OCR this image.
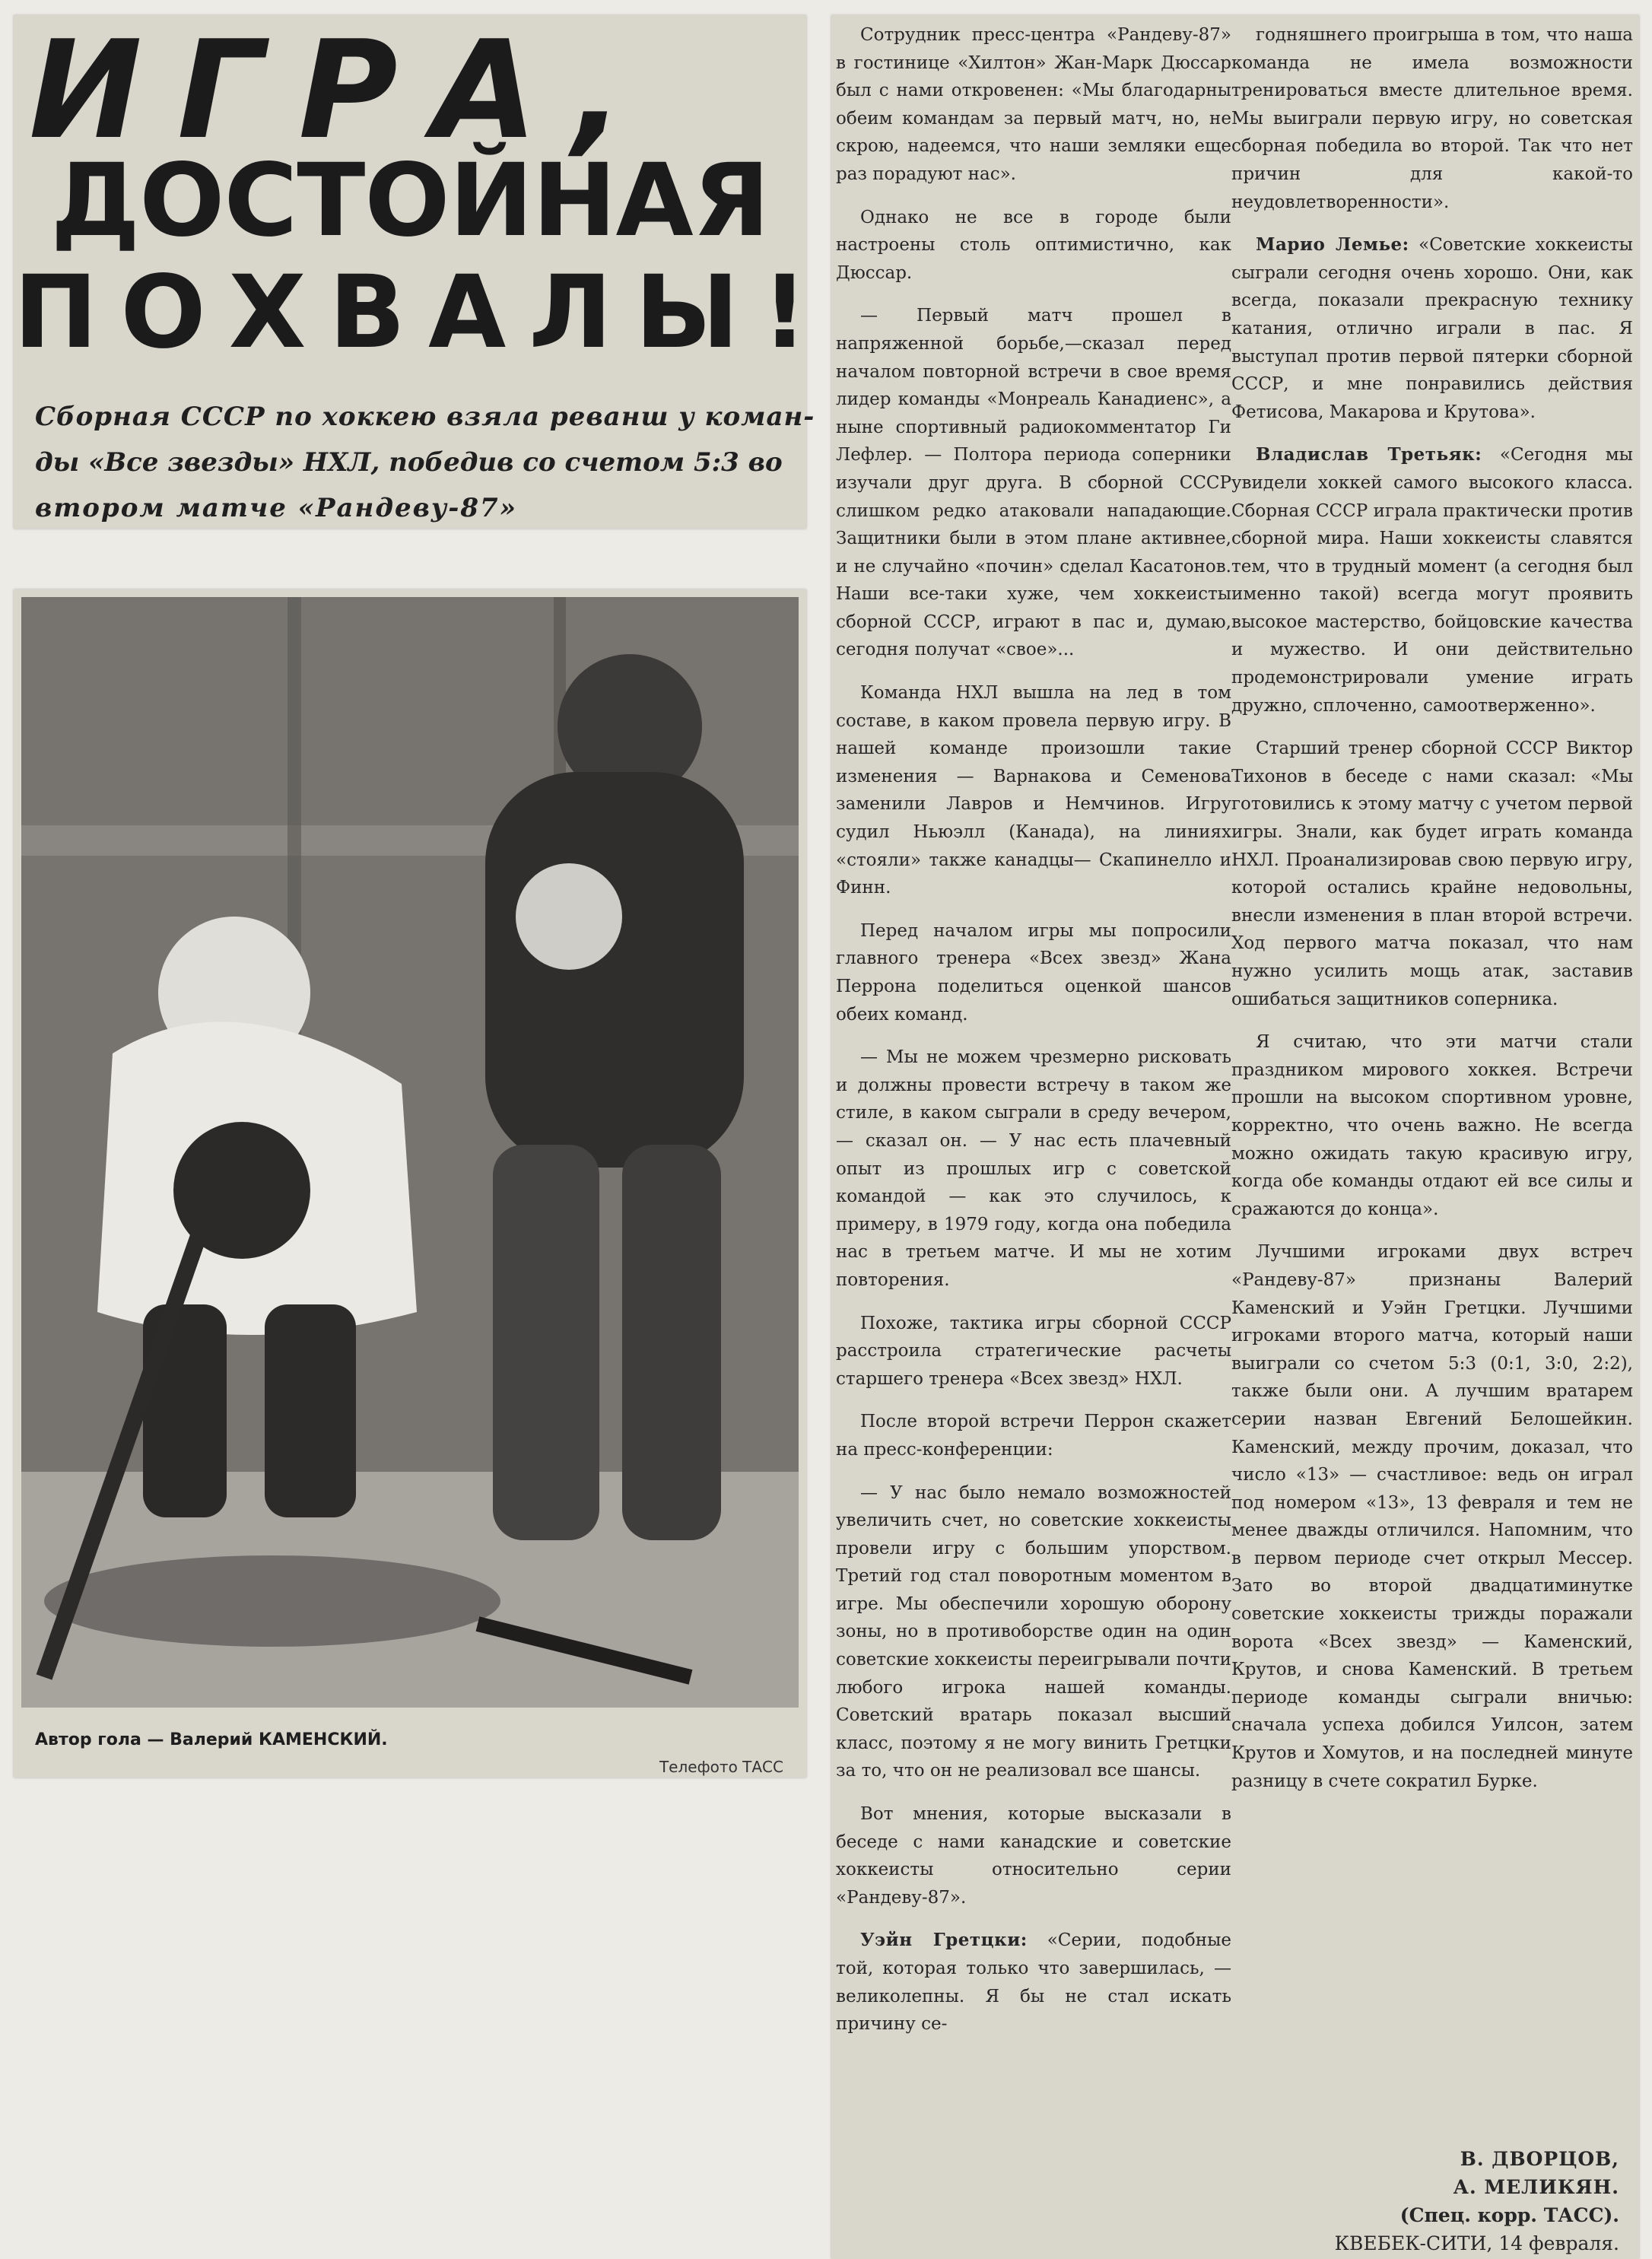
ИГРА,
ДОСТОЙНАЯ
ПОХВАЛЫ!
Сборная СССР по хоккею взяла реванш у коман-
ды «Все звезды» НХЛ, победив со счетом 5:3 во
втором матче «Рандеву-87»
Автор гола — Валерий КАМЕНСКИЙ.
Телефото ТАСС

Сотрудник пресс-центра «Рандеву-87» в гостинице «Хилтон» Жан-Марк Дюссар был с нами откровенен: «Мы благодарны обеим командам за первый матч, но, не скрою, надеемся, что наши земляки еще раз порадуют нас».

Однако не все в городе были настроены столь оптимистично, как Дюссар.

— Первый матч прошел в напряженной борьбе,—сказал перед началом повторной встречи в свое время лидер команды «Монреаль Канадиенс», а ныне спортивный радиокомментатор Ги Лефлер. — Полтора периода соперники изучали друг друга. В сборной СССР слишком редко атаковали нападающие. Защитники были в этом плане активнее, и не случайно «почин» сделал Касатонов. Наши все-таки хуже, чем хоккеисты сборной СССР, играют в пас и, думаю, сегодня получат «свое»...

Команда НХЛ вышла на лед в том составе, в каком провела первую игру. В нашей команде произошли такие изменения — Варнакова и Семенова заменили Лавров и Немчинов. Игру судил Ньюэлл (Канада), на линиях «стояли» также канадцы— Скапинелло и Финн.

Перед началом игры мы попросили главного тренера «Всех звезд» Жана Перрона поделиться оценкой шансов обеих команд.

— Мы не можем чрезмерно рисковать и должны провести встречу в таком же стиле, в каком сыграли в среду вечером, — сказал он. — У нас есть плачевный опыт из прошлых игр с советской командой — как это случилось, к примеру, в 1979 году, когда она победила нас в третьем матче. И мы не хотим повторения.

Похоже, тактика игры сборной СССР расстроила стратегические расчеты старшего тренера «Всех звезд» НХЛ.

После второй встречи Перрон скажет на пресс-конференции:

— У нас было немало возможностей увеличить счет, но советские хоккеисты провели игру с большим упорством. Третий год стал поворотным моментом в игре. Мы обеспечили хорошую оборону зоны, но в противоборстве один на один советские хоккеисты переигрывали почти любого игрока нашей команды. Советский вратарь показал высший класс, поэтому я не могу винить Гретцки за то, что он не реализовал все шансы.

Вот мнения, которые высказали в беседе с нами канадские и советские хоккеисты относительно серии «Рандеву-87».

Уэйн Гретцки: «Серии, подобные той, которая только что завершилась, — великолепны. Я бы не стал искать причину се-

годняшнего проигрыша в том, что наша команда не имела возможности тренироваться вместе длительное время. Мы выиграли первую игру, но советская сборная победила во второй. Так что нет причин для какой-то неудовлетворенности».

Марио Лемье: «Советские хоккеисты сыграли сегодня очень хорошо. Они, как всегда, показали прекрасную технику катания, отлично играли в пас. Я выступал против первой пятерки сборной СССР, и мне понравились действия Фетисова, Макарова и Крутова».

Владислав Третьяк: «Сегодня мы увидели хоккей самого высокого класса. Сборная СССР играла практически против сборной мира. Наши хоккеисты славятся тем, что в трудный момент (а сегодня был именно такой) всегда могут проявить высокое мастерство, бойцовские качества и мужество. И они действительно продемонстрировали умение играть дружно, сплоченно, самоотверженно».

Старший тренер сборной СССР Виктор Тихонов в беседе с нами сказал: «Мы готовились к этому матчу с учетом первой игры. Знали, как будет играть команда НХЛ. Проанализировав свою первую игру, которой остались крайне недовольны, внесли изменения в план второй встречи. Ход первого матча показал, что нам нужно усилить мощь атак, заставив ошибаться защитников соперника.

Я считаю, что эти матчи стали праздником мирового хоккея. Встречи прошли на высоком спортивном уровне, корректно, что очень важно. Не всегда можно ожидать такую красивую игру, когда обе команды отдают ей все силы и сражаются до конца».

Лучшими игроками двух встреч «Рандеву-87» признаны Валерий Каменский и Уэйн Гретцки. Лучшими игроками второго матча, который наши выиграли со счетом 5:3 (0:1, 3:0, 2:2), также были они. А лучшим вратарем серии назван Евгений Белошейкин. Каменский, между прочим, доказал, что число «13» — счастливое: ведь он играл под номером «13», 13 февраля и тем не менее дважды отличился. Напомним, что в первом периоде счет открыл Мессер. Зато во второй двадцатиминутке советские хоккеисты трижды поражали ворота «Всех звезд» — Каменский, Крутов, и снова Каменский. В третьем периоде команды сыграли вничью: сначала успеха добился Уилсон, затем Крутов и Хомутов, и на последней минуте разницу в счете сократил Бурке.

В. ДВОРЦОВ,
А. МЕЛИКЯН.
(Спец. корр. ТАСС).
КВЕБЕК-СИТИ, 14 февраля.
